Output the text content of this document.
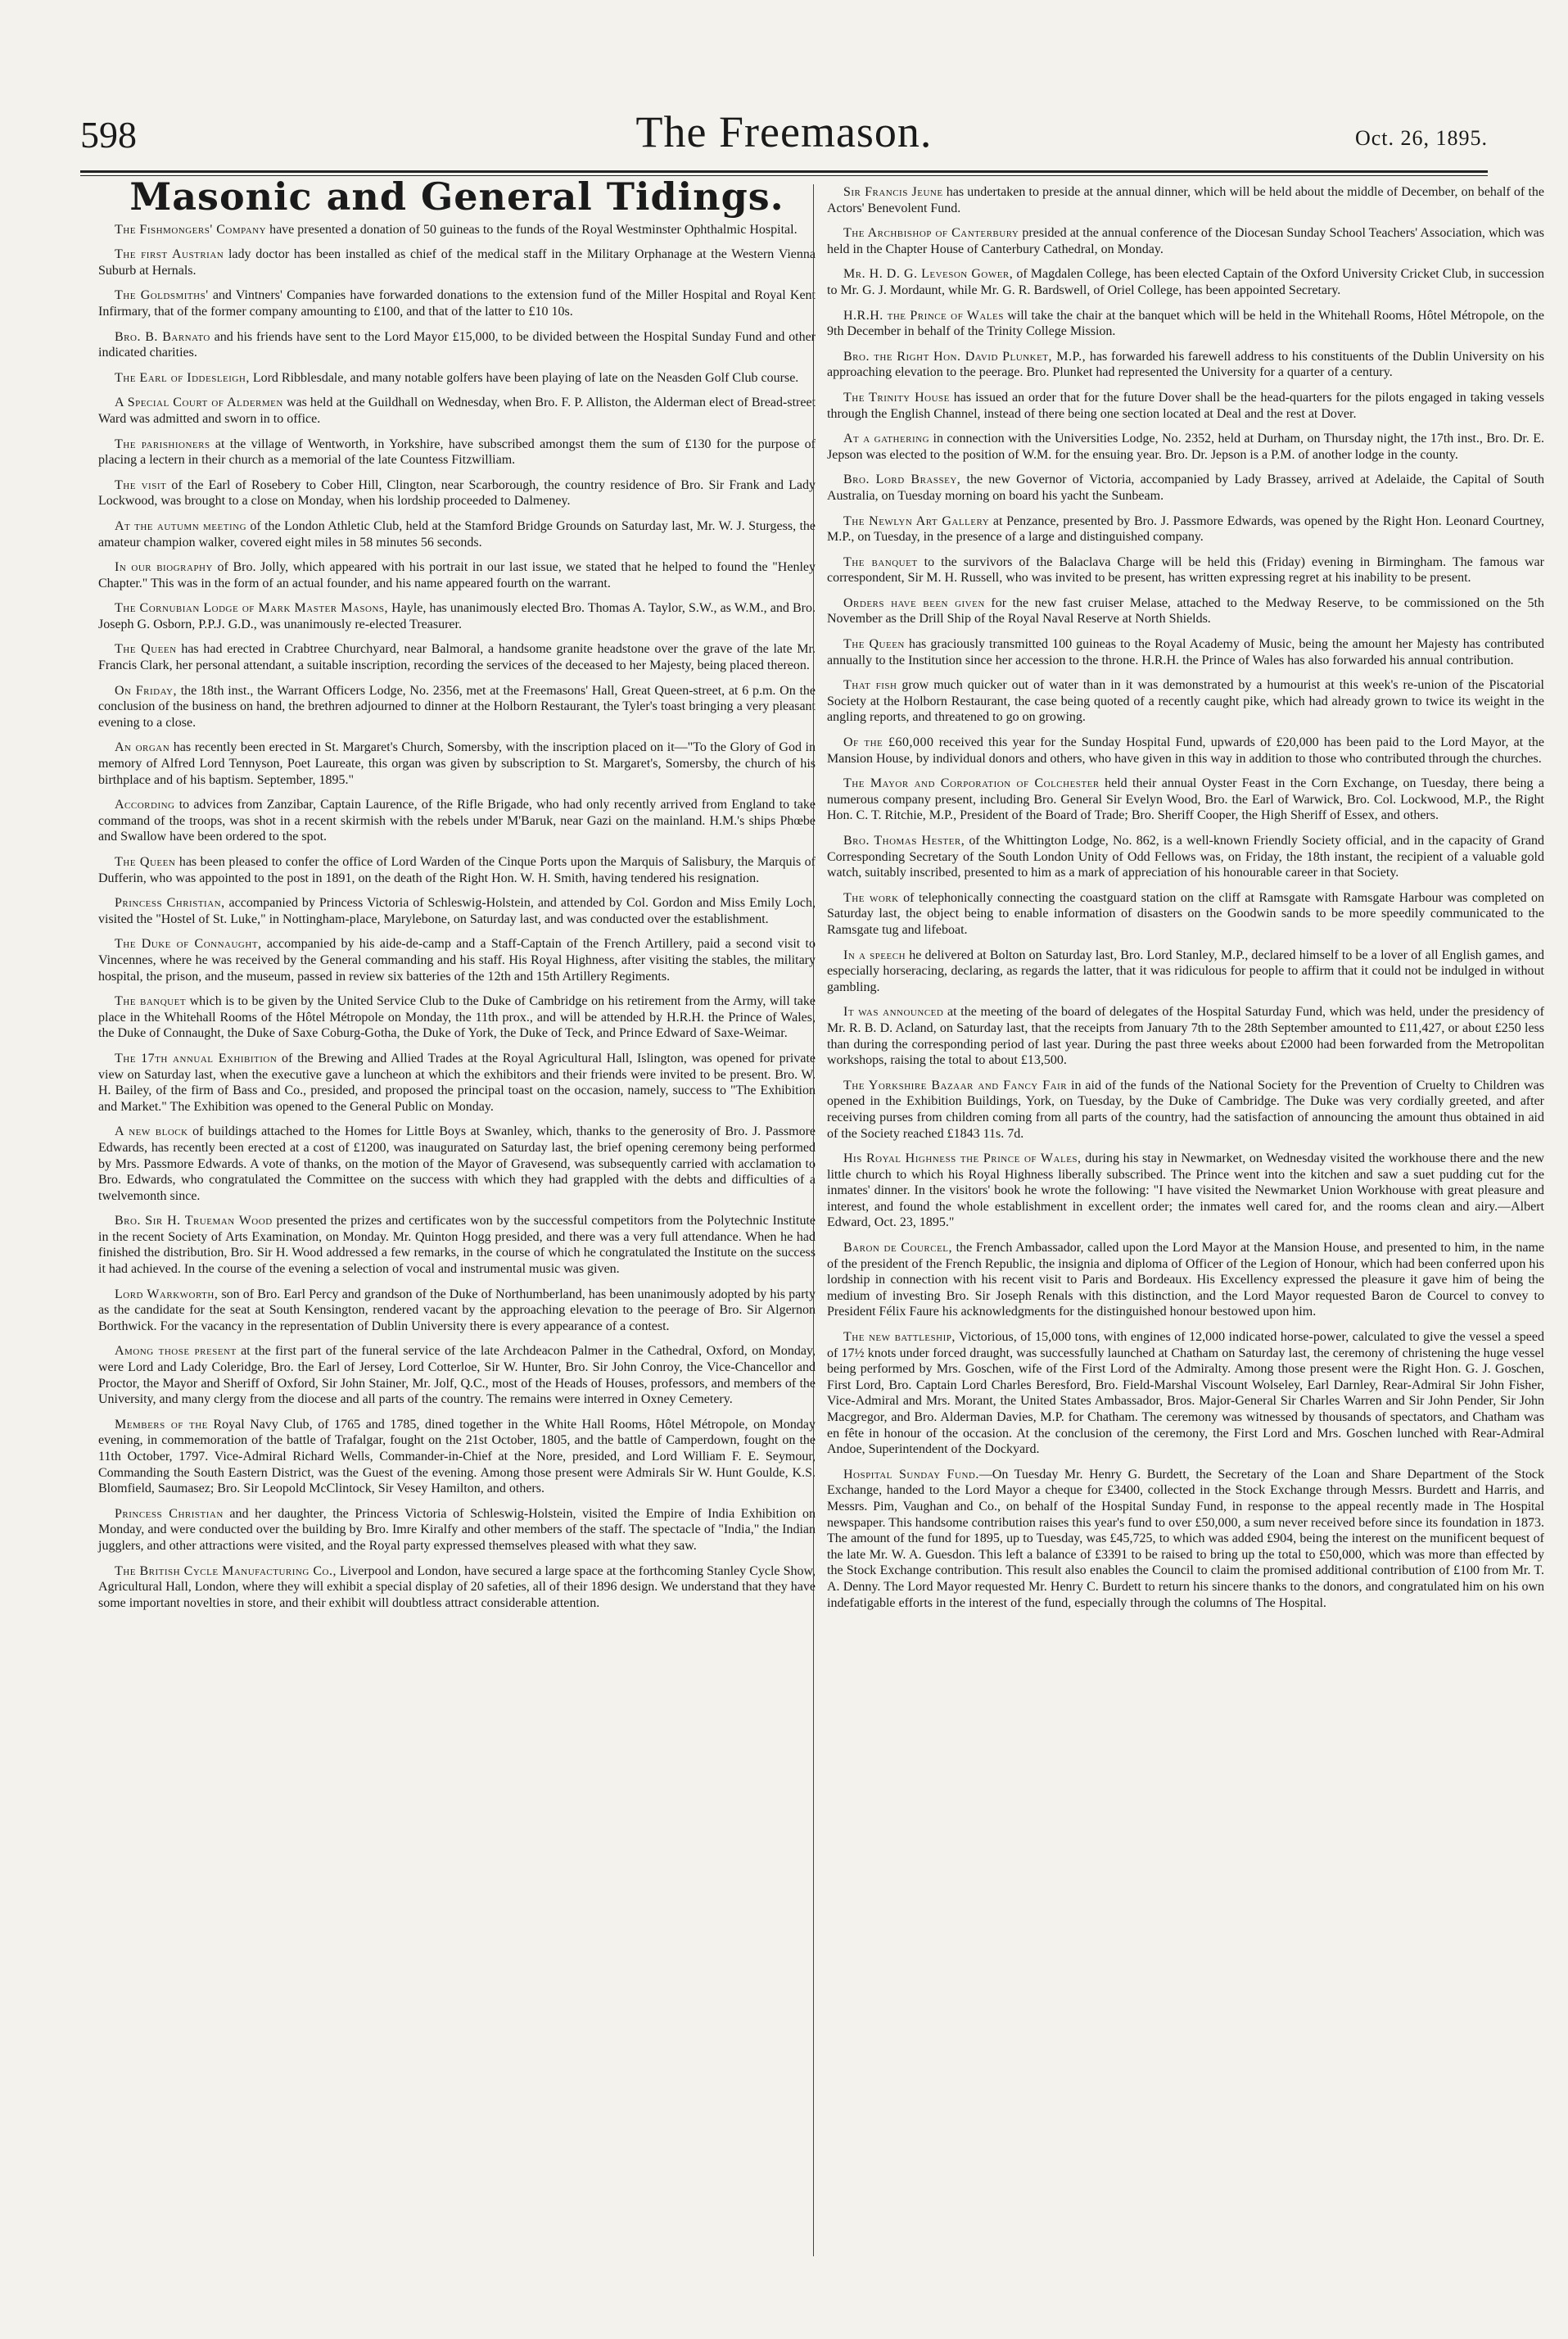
598	The Freemason.	Oct. 26, 1895.
Masonic and General Tidings.

The Fishmongers' Company have presented a donation of 50 guineas to the funds of the Royal Westminster Ophthalmic Hospital.

The first Austrian lady doctor has been installed as chief of the medical staff in the Military Orphanage at the Western Vienna Suburb at Hernals.

The Goldsmiths' and Vintners' Companies have forwarded donations to the extension fund of the Miller Hospital and Royal Kent Infirmary, that of the former company amounting to £100, and that of the latter to £10 10s.

Bro. B. Barnato and his friends have sent to the Lord Mayor £15,000, to be divided between the Hospital Sunday Fund and other indicated charities.

The Earl of Iddesleigh, Lord Ribblesdale, and many notable golfers have been playing of late on the Neasden Golf Club course.

A Special Court of Aldermen was held at the Guildhall on Wednesday, when Bro. F. P. Alliston, the Alderman elect of Bread-street Ward was admitted and sworn in to office.

The parishioners at the village of Wentworth, in Yorkshire, have subscribed amongst them the sum of £130 for the purpose of placing a lectern in their church as a memorial of the late Countess Fitzwilliam.

The visit of the Earl of Rosebery to Cober Hill, Clington, near Scarborough, the country residence of Bro. Sir Frank and Lady Lockwood, was brought to a close on Monday, when his lordship proceeded to Dalmeney.

At the autumn meeting of the London Athletic Club, held at the Stamford Bridge Grounds on Saturday last, Mr. W. J. Sturgess, the amateur champion walker, covered eight miles in 58 minutes 56 seconds.

In our biography of Bro. Jolly, which appeared with his portrait in our last issue, we stated that he helped to found the "Henley Chapter." This was in the form of an actual founder, and his name appeared fourth on the warrant.

The Cornubian Lodge of Mark Master Masons, Hayle, has unanimously elected Bro. Thomas A. Taylor, S.W., as W.M., and Bro. Joseph G. Osborn, P.P.J. G.D., was unanimously re-elected Treasurer.

The Queen has had erected in Crabtree Churchyard, near Balmoral, a handsome granite headstone over the grave of the late Mr. Francis Clark, her personal attendant, a suitable inscription, recording the services of the deceased to her Majesty, being placed thereon.

On Friday, the 18th inst., the Warrant Officers Lodge, No. 2356, met at the Freemasons' Hall, Great Queen-street, at 6 p.m. On the conclusion of the business on hand, the brethren adjourned to dinner at the Holborn Restaurant, the Tyler's toast bringing a very pleasant evening to a close.

An organ has recently been erected in St. Margaret's Church, Somersby, with the inscription placed on it—"To the Glory of God in memory of Alfred Lord Tennyson, Poet Laureate, this organ was given by subscription to St. Margaret's, Somersby, the church of his birthplace and of his baptism. September, 1895."

According to advices from Zanzibar, Captain Laurence, of the Rifle Brigade, who had only recently arrived from England to take command of the troops, was shot in a recent skirmish with the rebels under M'Baruk, near Gazi on the mainland. H.M.'s ships Phœbe and Swallow have been ordered to the spot.

The Queen has been pleased to confer the office of Lord Warden of the Cinque Ports upon the Marquis of Salisbury, the Marquis of Dufferin, who was appointed to the post in 1891, on the death of the Right Hon. W. H. Smith, having tendered his resignation.

Princess Christian, accompanied by Princess Victoria of Schleswig-Holstein, and attended by Col. Gordon and Miss Emily Loch, visited the "Hostel of St. Luke," in Nottingham-place, Marylebone, on Saturday last, and was conducted over the establishment.

The Duke of Connaught, accompanied by his aide-de-camp and a Staff-Captain of the French Artillery, paid a second visit to Vincennes, where he was received by the General commanding and his staff. His Royal Highness, after visiting the stables, the military hospital, the prison, and the museum, passed in review six batteries of the 12th and 15th Artillery Regiments.

The banquet which is to be given by the United Service Club to the Duke of Cambridge on his retirement from the Army, will take place in the Whitehall Rooms of the Hôtel Métropole on Monday, the 11th prox., and will be attended by H.R.H. the Prince of Wales, the Duke of Connaught, the Duke of Saxe Coburg-Gotha, the Duke of York, the Duke of Teck, and Prince Edward of Saxe-Weimar.

The 17th annual Exhibition of the Brewing and Allied Trades at the Royal Agricultural Hall, Islington, was opened for private view on Saturday last, when the executive gave a luncheon at which the exhibitors and their friends were invited to be present. Bro. W. H. Bailey, of the firm of Bass and Co., presided, and proposed the principal toast on the occasion, namely, success to "The Exhibition and Market." The Exhibition was opened to the General Public on Monday.

A new block of buildings attached to the Homes for Little Boys at Swanley, which, thanks to the generosity of Bro. J. Passmore Edwards, has recently been erected at a cost of £1200, was inaugurated on Saturday last, the brief opening ceremony being performed by Mrs. Passmore Edwards. A vote of thanks, on the motion of the Mayor of Gravesend, was subsequently carried with acclamation to Bro. Edwards, who congratulated the Committee on the success with which they had grappled with the debts and difficulties of a twelvemonth since.

Bro. Sir H. Trueman Wood presented the prizes and certificates won by the successful competitors from the Polytechnic Institute in the recent Society of Arts Examination, on Monday. Mr. Quinton Hogg presided, and there was a very full attendance. When he had finished the distribution, Bro. Sir H. Wood addressed a few remarks, in the course of which he congratulated the Institute on the success it had achieved. In the course of the evening a selection of vocal and instrumental music was given.

Lord Warkworth, son of Bro. Earl Percy and grandson of the Duke of Northumberland, has been unanimously adopted by his party as the candidate for the seat at South Kensington, rendered vacant by the approaching elevation to the peerage of Bro. Sir Algernon Borthwick. For the vacancy in the representation of Dublin University there is every appearance of a contest.

Among those present at the first part of the funeral service of the late Archdeacon Palmer in the Cathedral, Oxford, on Monday, were Lord and Lady Coleridge, Bro. the Earl of Jersey, Lord Cotterloe, Sir W. Hunter, Bro. Sir John Conroy, the Vice-Chancellor and Proctor, the Mayor and Sheriff of Oxford, Sir John Stainer, Mr. Jolf, Q.C., most of the Heads of Houses, professors, and members of the University, and many clergy from the diocese and all parts of the country. The remains were interred in Oxney Cemetery.

Members of the Royal Navy Club, of 1765 and 1785, dined together in the White Hall Rooms, Hôtel Métropole, on Monday evening, in commemoration of the battle of Trafalgar, fought on the 21st October, 1805, and the battle of Camperdown, fought on the 11th October, 1797. Vice-Admiral Richard Wells, Commander-in-Chief at the Nore, presided, and Lord William F. E. Seymour, Commanding the South Eastern District, was the Guest of the evening. Among those present were Admirals Sir W. Hunt Goulde, K.S. Blomfield, Saumasez; Bro. Sir Leopold McClintock, Sir Vesey Hamilton, and others.

Princess Christian and her daughter, the Princess Victoria of Schleswig-Holstein, visited the Empire of India Exhibition on Monday, and were conducted over the building by Bro. Imre Kiralfy and other members of the staff. The spectacle of "India," the Indian jugglers, and other attractions were visited, and the Royal party expressed themselves pleased with what they saw.

The British Cycle Manufacturing Co., Liverpool and London, have secured a large space at the forthcoming Stanley Cycle Show, Agricultural Hall, London, where they will exhibit a special display of 20 safeties, all of their 1896 design. We understand that they have some important novelties in store, and their exhibit will doubtless attract considerable attention.

Sir Francis Jeune has undertaken to preside at the annual dinner, which will be held about the middle of December, on behalf of the Actors' Benevolent Fund.

The Archbishop of Canterbury presided at the annual conference of the Diocesan Sunday School Teachers' Association, which was held in the Chapter House of Canterbury Cathedral, on Monday.

Mr. H. D. G. Leveson Gower, of Magdalen College, has been elected Captain of the Oxford University Cricket Club, in succession to Mr. G. J. Mordaunt, while Mr. G. R. Bardswell, of Oriel College, has been appointed Secretary.

H.R.H. the Prince of Wales will take the chair at the banquet which will be held in the Whitehall Rooms, Hôtel Métropole, on the 9th December in behalf of the Trinity College Mission.

Bro. the Right Hon. David Plunket, M.P., has forwarded his farewell address to his constituents of the Dublin University on his approaching elevation to the peerage. Bro. Plunket had represented the University for a quarter of a century.

The Trinity House has issued an order that for the future Dover shall be the head-quarters for the pilots engaged in taking vessels through the English Channel, instead of there being one section located at Deal and the rest at Dover.

At a gathering in connection with the Universities Lodge, No. 2352, held at Durham, on Thursday night, the 17th inst., Bro. Dr. E. Jepson was elected to the position of W.M. for the ensuing year. Bro. Dr. Jepson is a P.M. of another lodge in the county.

Bro. Lord Brassey, the new Governor of Victoria, accompanied by Lady Brassey, arrived at Adelaide, the Capital of South Australia, on Tuesday morning on board his yacht the Sunbeam.

The Newlyn Art Gallery at Penzance, presented by Bro. J. Passmore Edwards, was opened by the Right Hon. Leonard Courtney, M.P., on Tuesday, in the presence of a large and distinguished company.

The banquet to the survivors of the Balaclava Charge will be held this (Friday) evening in Birmingham. The famous war correspondent, Sir M. H. Russell, who was invited to be present, has written expressing regret at his inability to be present.

Orders have been given for the new fast cruiser Melase, attached to the Medway Reserve, to be commissioned on the 5th November as the Drill Ship of the Royal Naval Reserve at North Shields.

The Queen has graciously transmitted 100 guineas to the Royal Academy of Music, being the amount her Majesty has contributed annually to the Institution since her accession to the throne. H.R.H. the Prince of Wales has also forwarded his annual contribution.

That fish grow much quicker out of water than in it was demonstrated by a humourist at this week's re-union of the Piscatorial Society at the Holborn Restaurant, the case being quoted of a recently caught pike, which had already grown to twice its weight in the angling reports, and threatened to go on growing.

Of the £60,000 received this year for the Sunday Hospital Fund, upwards of £20,000 has been paid to the Lord Mayor, at the Mansion House, by individual donors and others, who have given in this way in addition to those who contributed through the churches.

The Mayor and Corporation of Colchester held their annual Oyster Feast in the Corn Exchange, on Tuesday, there being a numerous company present, including Bro. General Sir Evelyn Wood, Bro. the Earl of Warwick, Bro. Col. Lockwood, M.P., the Right Hon. C. T. Ritchie, M.P., President of the Board of Trade; Bro. Sheriff Cooper, the High Sheriff of Essex, and others.

Bro. Thomas Hester, of the Whittington Lodge, No. 862, is a well-known Friendly Society official, and in the capacity of Grand Corresponding Secretary of the South London Unity of Odd Fellows was, on Friday, the 18th instant, the recipient of a valuable gold watch, suitably inscribed, presented to him as a mark of appreciation of his honourable career in that Society.

The work of telephonically connecting the coastguard station on the cliff at Ramsgate with Ramsgate Harbour was completed on Saturday last, the object being to enable information of disasters on the Goodwin sands to be more speedily communicated to the Ramsgate tug and lifeboat.

In a speech he delivered at Bolton on Saturday last, Bro. Lord Stanley, M.P., declared himself to be a lover of all English games, and especially horseracing, declaring, as regards the latter, that it was ridiculous for people to affirm that it could not be indulged in without gambling.

It was announced at the meeting of the board of delegates of the Hospital Saturday Fund, which was held, under the presidency of Mr. R. B. D. Acland, on Saturday last, that the receipts from January 7th to the 28th September amounted to £11,427, or about £250 less than during the corresponding period of last year. During the past three weeks about £2000 had been forwarded from the Metropolitan workshops, raising the total to about £13,500.

The Yorkshire Bazaar and Fancy Fair in aid of the funds of the National Society for the Prevention of Cruelty to Children was opened in the Exhibition Buildings, York, on Tuesday, by the Duke of Cambridge. The Duke was very cordially greeted, and after receiving purses from children coming from all parts of the country, had the satisfaction of announcing the amount thus obtained in aid of the Society reached £1843 11s. 7d.

His Royal Highness the Prince of Wales, during his stay in Newmarket, on Wednesday visited the workhouse there and the new little church to which his Royal Highness liberally subscribed. The Prince went into the kitchen and saw a suet pudding cut for the inmates' dinner. In the visitors' book he wrote the following: "I have visited the Newmarket Union Workhouse with great pleasure and interest, and found the whole establishment in excellent order; the inmates well cared for, and the rooms clean and airy.—Albert Edward, Oct. 23, 1895."

Baron de Courcel, the French Ambassador, called upon the Lord Mayor at the Mansion House, and presented to him, in the name of the president of the French Republic, the insignia and diploma of Officer of the Legion of Honour, which had been conferred upon his lordship in connection with his recent visit to Paris and Bordeaux. His Excellency expressed the pleasure it gave him of being the medium of investing Bro. Sir Joseph Renals with this distinction, and the Lord Mayor requested Baron de Courcel to convey to President Félix Faure his acknowledgments for the distinguished honour bestowed upon him.

The new battleship, Victorious, of 15,000 tons, with engines of 12,000 indicated horse-power, calculated to give the vessel a speed of 17½ knots under forced draught, was successfully launched at Chatham on Saturday last, the ceremony of christening the huge vessel being performed by Mrs. Goschen, wife of the First Lord of the Admiralty. Among those present were the Right Hon. G. J. Goschen, First Lord, Bro. Captain Lord Charles Beresford, Bro. Field-Marshal Viscount Wolseley, Earl Darnley, Rear-Admiral Sir John Fisher, Vice-Admiral and Mrs. Morant, the United States Ambassador, Bros. Major-General Sir Charles Warren and Sir John Pender, Sir John Macgregor, and Bro. Alderman Davies, M.P. for Chatham. The ceremony was witnessed by thousands of spectators, and Chatham was en fête in honour of the occasion. At the conclusion of the ceremony, the First Lord and Mrs. Goschen lunched with Rear-Admiral Andoe, Superintendent of the Dockyard.

Hospital Sunday Fund.—On Tuesday Mr. Henry G. Burdett, the Secretary of the Loan and Share Department of the Stock Exchange, handed to the Lord Mayor a cheque for £3400, collected in the Stock Exchange through Messrs. Burdett and Harris, and Messrs. Pim, Vaughan and Co., on behalf of the Hospital Sunday Fund, in response to the appeal recently made in The Hospital newspaper. This handsome contribution raises this year's fund to over £50,000, a sum never received before since its foundation in 1873. The amount of the fund for 1895, up to Tuesday, was £45,725, to which was added £904, being the interest on the munificent bequest of the late Mr. W. A. Guesdon. This left a balance of £3391 to be raised to bring up the total to £50,000, which was more than effected by the Stock Exchange contribution. This result also enables the Council to claim the promised additional contribution of £100 from Mr. T. A. Denny. The Lord Mayor requested Mr. Henry C. Burdett to return his sincere thanks to the donors, and congratulated him on his own indefatigable efforts in the interest of the fund, especially through the columns of The Hospital.
